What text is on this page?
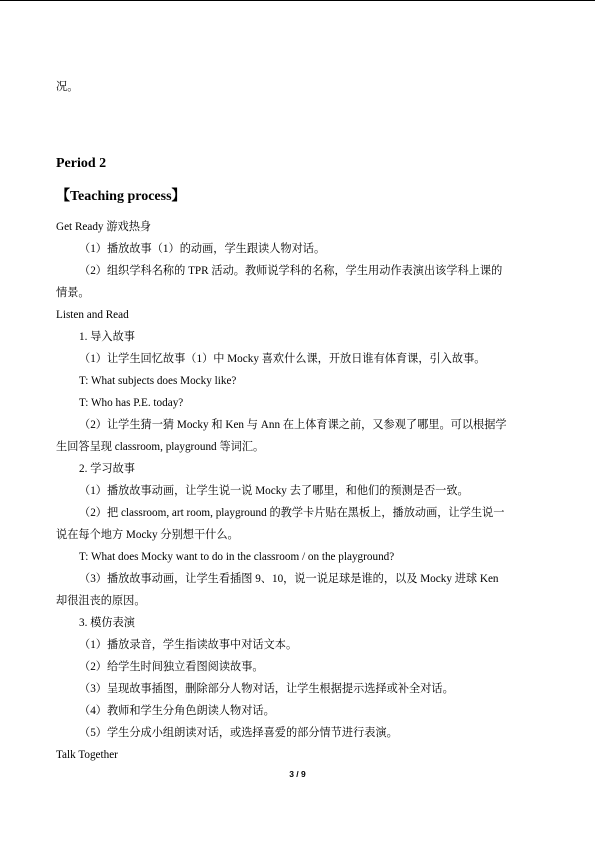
况。
Period 2
【Teaching process】
Get Ready 游戏热身
（1）播放故事（1）的动画，学生跟读人物对话。
（2）组织学科名称的 TPR 活动。教师说学科的名称，学生用动作表演出该学科上课的
情景。
Listen and Read
1. 导入故事
（1）让学生回忆故事（1）中 Mocky 喜欢什么课，开放日谁有体育课，引入故事。
T: What subjects does Mocky like?
T: Who has P.E. today?
（2）让学生猜一猜 Mocky 和 Ken 与 Ann 在上体育课之前，又参观了哪里。可以根据学
生回答呈现 classroom, playground 等词汇。
2. 学习故事
（1）播放故事动画，让学生说一说 Mocky 去了哪里，和他们的预测是否一致。
（2）把 classroom, art room, playground 的教学卡片贴在黑板上，播放动画，让学生说一
说在每个地方 Mocky 分别想干什么。
T: What does Mocky want to do in the classroom / on the playground?
（3）播放故事动画，让学生看插图 9、10，说一说足球是谁的，以及 Mocky 进球 Ken
却很沮丧的原因。
3. 模仿表演
（1）播放录音，学生指读故事中对话文本。
（2）给学生时间独立看图阅读故事。
（3）呈现故事插图，删除部分人物对话，让学生根据提示选择或补全对话。
（4）教师和学生分角色朗读人物对话。
（5）学生分成小组朗读对话，或选择喜爱的部分情节进行表演。
Talk Together
3 / 9
